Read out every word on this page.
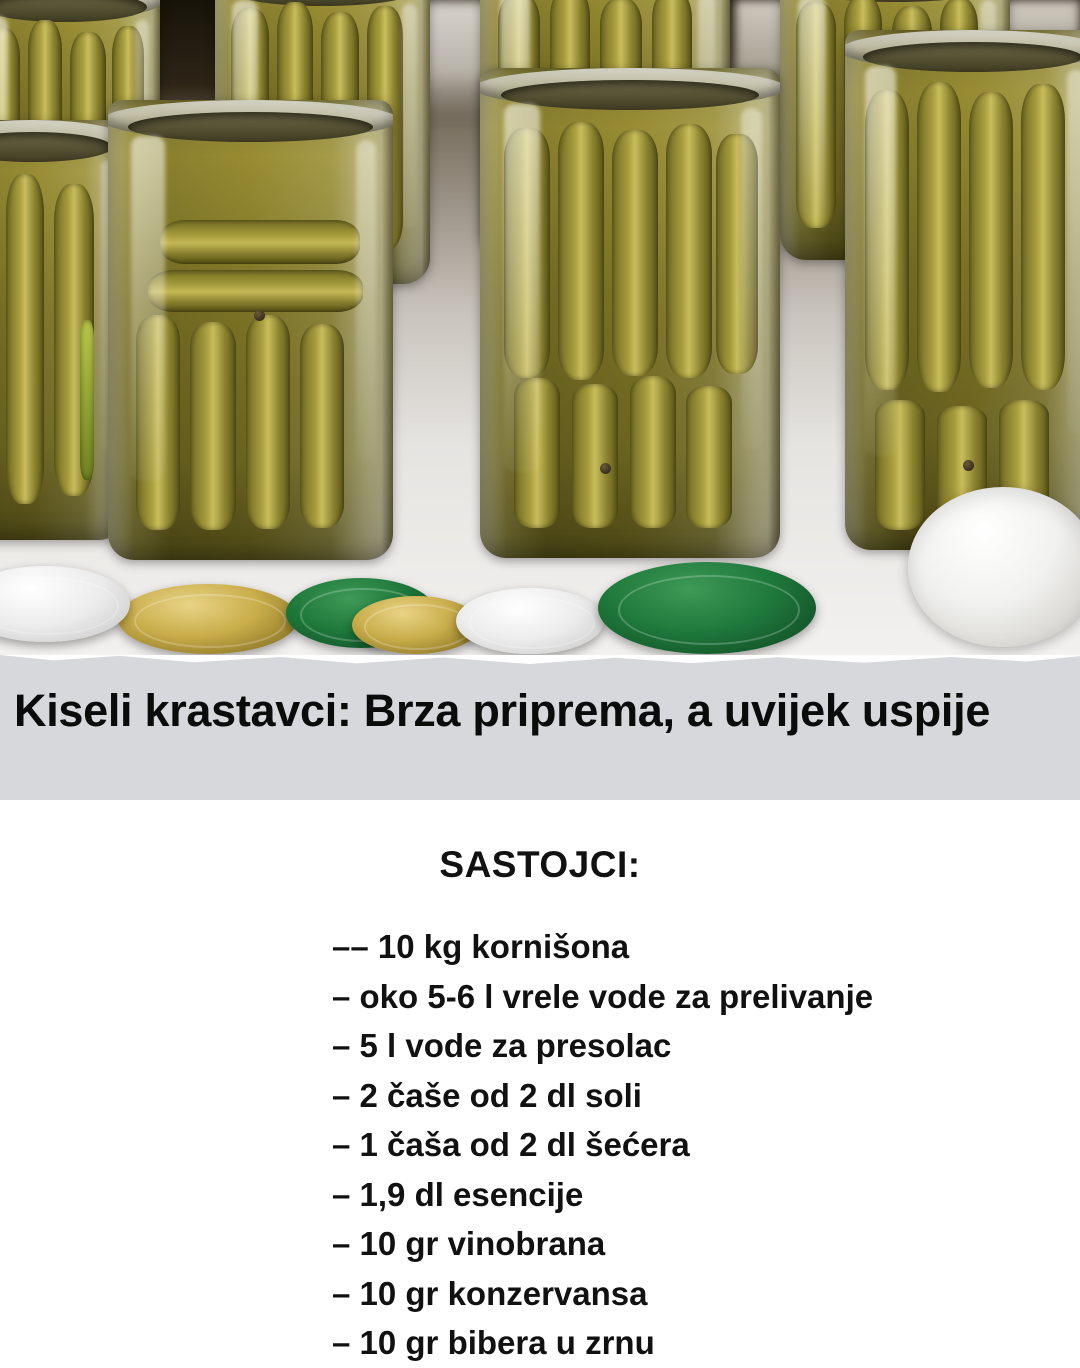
Kiseli krastavci: Brza priprema, a uvijek uspije
SASTOJCI:
–– 10 kg kornišona
– oko 5-6 l vrele vode za prelivanje
– 5 l vode za presolac
– 2 čaše od 2 dl soli
– 1 čaša od 2 dl šećera
– 1,9 dl esencije
– 10 gr vinobrana
– 10 gr konzervansa
– 10 gr bibera u zrnu
